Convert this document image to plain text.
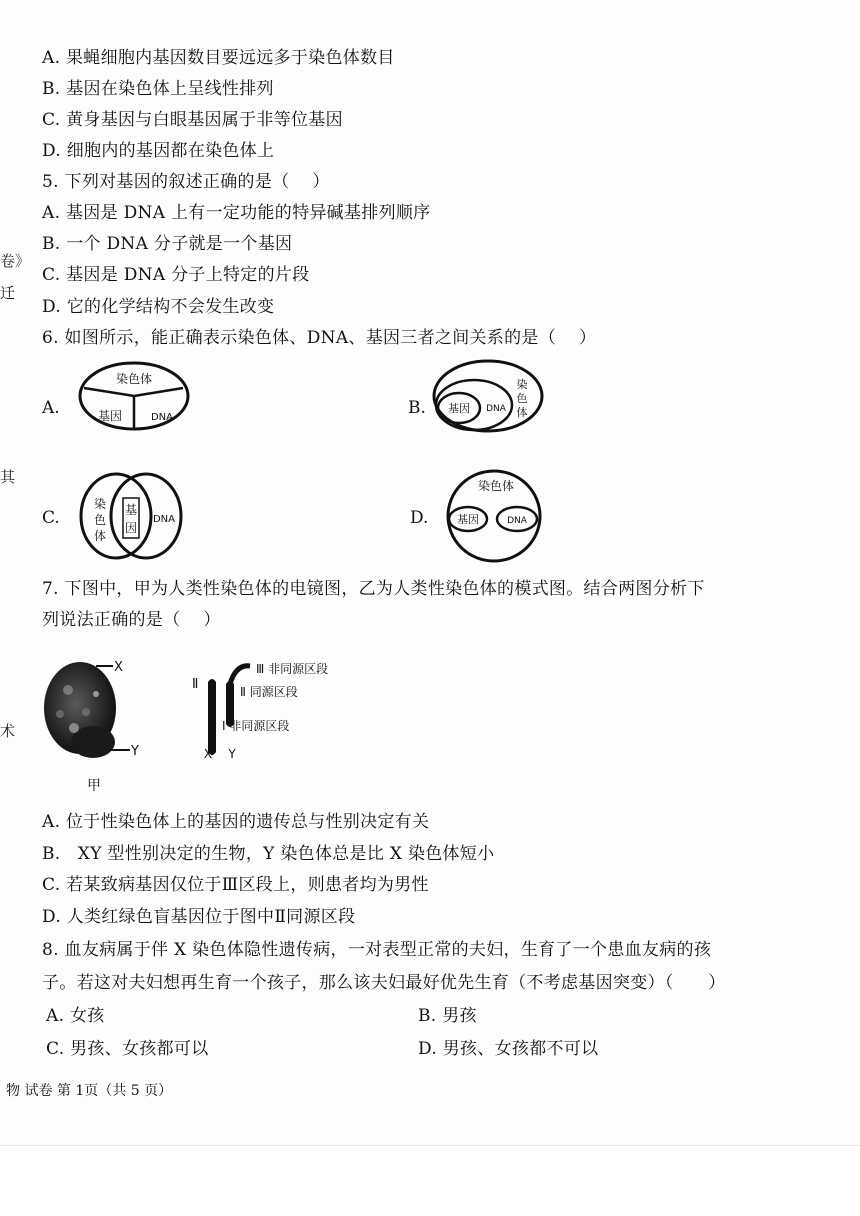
卷》
迁
其
术
A. 果蝇细胞内基因数目要远远多于染色体数目
B. 基因在染色体上呈线性排列
C. 黄身基因与白眼基因属于非等位基因
D. 细胞内的基因都在染色体上
5. 下列对基因的叙述正确的是（　 ）
A. 基因是 DNA 上有一定功能的特异碱基排列顺序
B. 一个 DNA 分子就是一个基因
C. 基因是 DNA 分子上特定的片段
D. 它的化学结构不会发生改变
6. 如图所示，能正确表示染色体、DNA、基因三者之间关系的是（　 ）
A.
染色体
基因	DNA	B. 基因 DNA
染
色
体
C.
染
色
体
基
因
DNA	D.
染色体
基因	DNA
7. 下图中，甲为人类性染色体的电镜图，乙为人类性染色体的模式图。结合两图分析下
列说法正确的是（　 ）
X
Y
甲
Ⅱ
Ⅲ 非同源区段
Ⅱ 同源区段
Ⅰ 非同源区段
X Y
A. 位于性染色体上的基因的遗传总与性别决定有关
B.　XY 型性别决定的生物，Y 染色体总是比 X 染色体短小
C. 若某致病基因仅位于Ⅲ区段上，则患者均为男性
D. 人类红绿色盲基因位于图中Ⅱ同源区段
8. 血友病属于伴 X 染色体隐性遗传病，一对表型正常的夫妇，生育了一个患血友病的孩
子。若这对夫妇想再生育一个孩子，那么该夫妇最好优先生育（不考虑基因突变）（　　）
A. 女孩	B. 男孩
C. 男孩、女孩都可以	D. 男孩、女孩都不可以
物 试卷 第 1页（共 5 页）
